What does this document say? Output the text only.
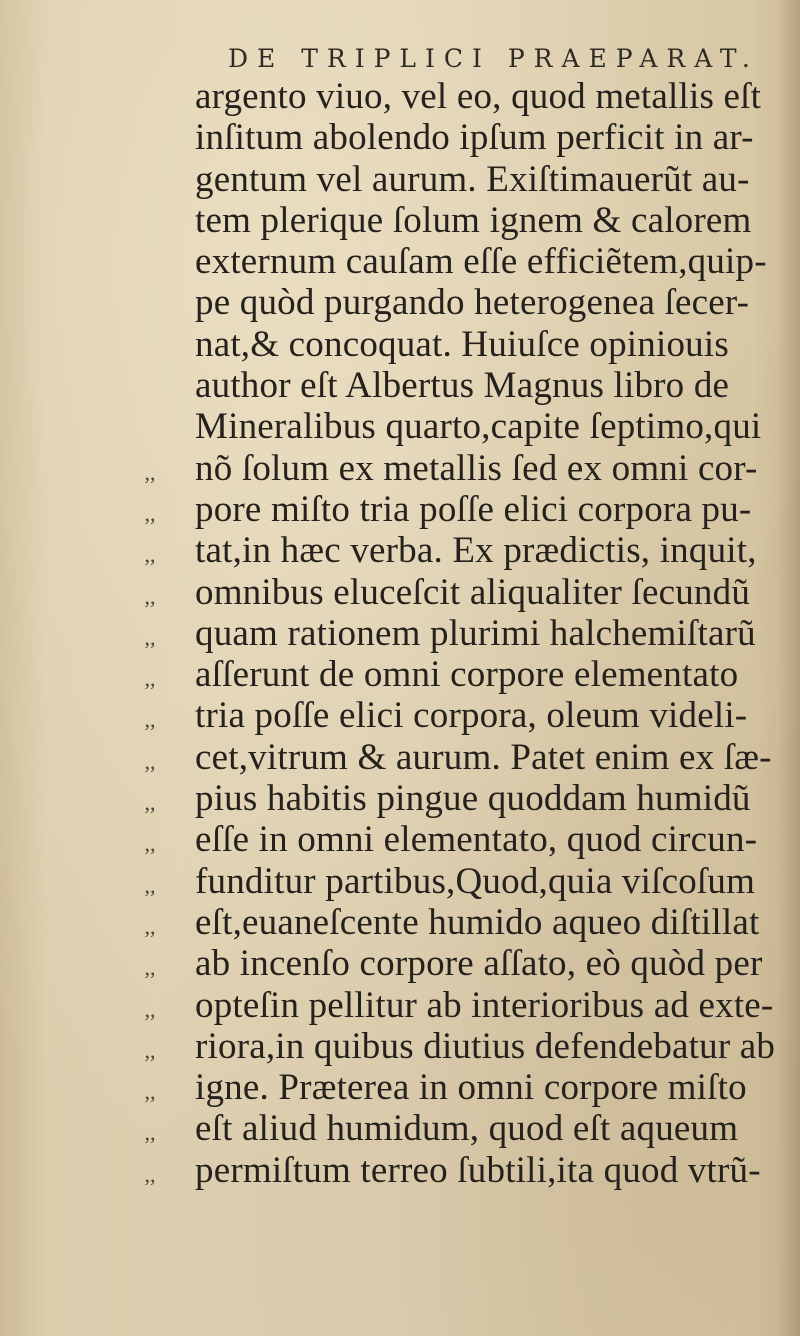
DE TRIPLICI PRAEPARAT.
argento viuo, vel eo, quod metallis eſt
inſitum abolendo ipſum perficit in ar-
gentum vel aurum. Exiſtimauerũt au-
tem plerique ſolum ignem & calorem
externum cauſam eſſe efficiẽtem,quip-
pe quòd purgando heterogenea ſecer-
nat,& concoquat. Huiuſce opiniouis
author eſt Albertus Magnus libro de
Mineralibus quarto,capite ſeptimo,qui
,,	nõ ſolum ex metallis ſed ex omni cor-
,,	pore miſto tria poſſe elici corpora pu-
,,	tat,in hæc verba. Ex prædictis, inquit,
,,	omnibus eluceſcit aliqualiter ſecundũ
,,	quam rationem plurimi halchemiſtarũ
,,	aſſerunt de omni corpore elementato
,,	tria poſſe elici corpora, oleum videli-
,,	cet,vitrum & aurum. Patet enim ex ſæ-
,,	pius habitis pingue quoddam humidũ
,,	eſſe in omni elementato, quod circun-
,,	funditur partibus,Quod,quia viſcoſum
,,	eſt,euaneſcente humido aqueo diſtillat
,,	ab incenſo corpore aſſato, eò quòd per
,,	opteſin pellitur ab interioribus ad exte-
,,	riora,in quibus diutius defendebatur ab
,,	igne. Præterea in omni corpore miſto
,,	eſt aliud humidum, quod eſt aqueum
,,	permiſtum terreo ſubtili,ita quod vtrũ-
